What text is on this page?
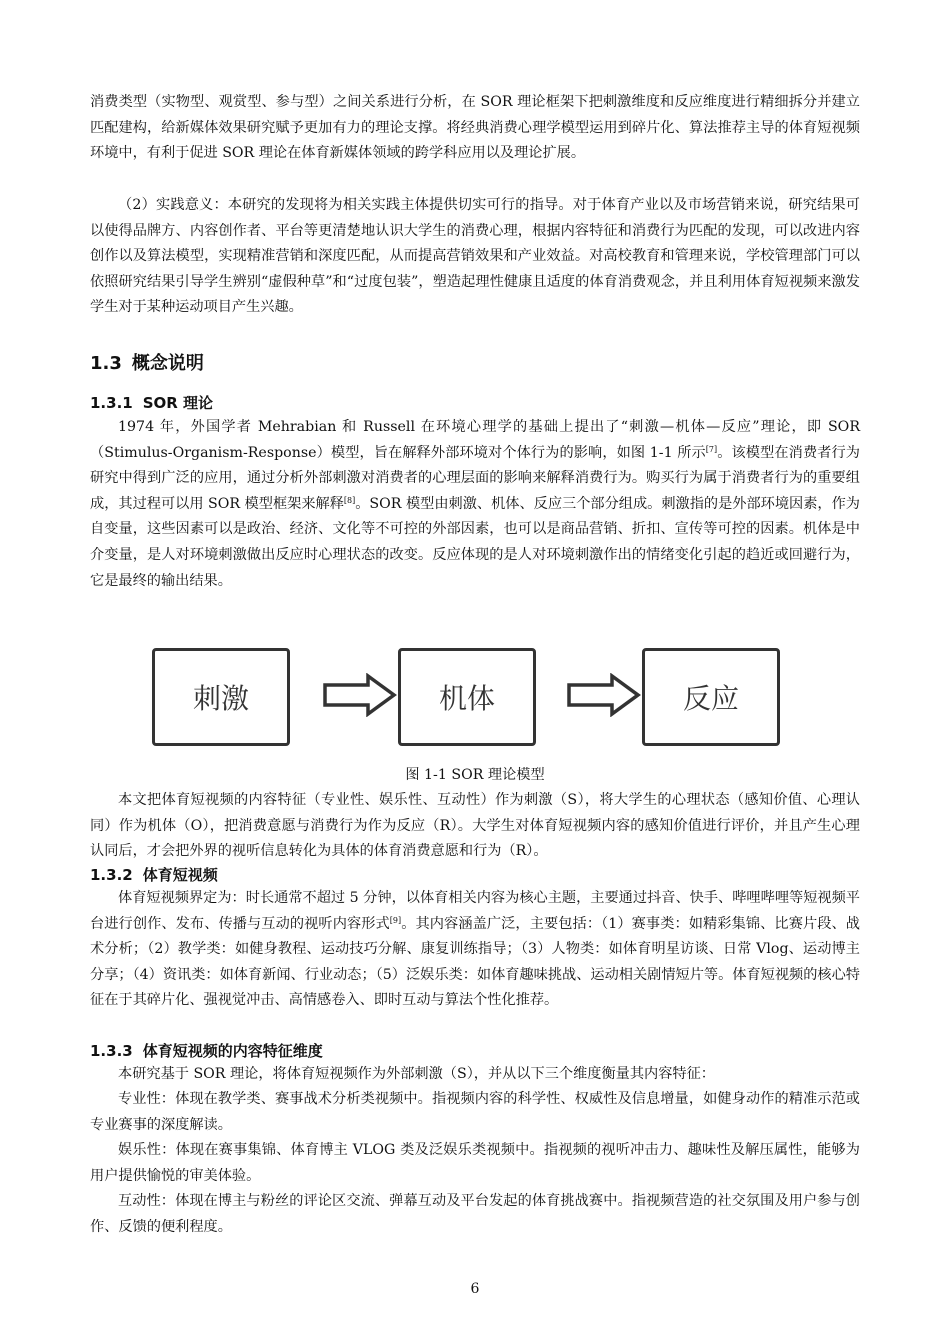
消费类型（实物型、观赏型、参与型）之间关系进行分析，在 SOR 理论框架下把刺激维度和反应维度进行精细拆分并建立匹配建构，给新媒体效果研究赋予更加有力的理论支撑。将经典消费心理学模型运用到碎片化、算法推荐主导的体育短视频环境中，有利于促进 SOR 理论在体育新媒体领域的跨学科应用以及理论扩展。

（2）实践意义：本研究的发现将为相关实践主体提供切实可行的指导。对于体育产业以及市场营销来说，研究结果可以使得品牌方、内容创作者、平台等更清楚地认识大学生的消费心理，根据内容特征和消费行为匹配的发现，可以改进内容创作以及算法模型，实现精准营销和深度匹配，从而提高营销效果和产业效益。对高校教育和管理来说，学校管理部门可以依照研究结果引导学生辨别“虚假种草”和“过度包装”，塑造起理性健康且适度的体育消费观念，并且利用体育短视频来激发学生对于某种运动项目产生兴趣。

1.3 概念说明
1.3.1 SOR 理论

1974 年，外国学者 Mehrabian 和 Russell 在环境心理学的基础上提出了“刺激—机体—反应”理论，即 SOR（Stimulus-Organism-Response）模型，旨在解释外部环境对个体行为的影响，如图 1-1 所示[7]。该模型在消费者行为研究中得到广泛的应用，通过分析外部刺激对消费者的心理层面的影响来解释消费行为。购买行为属于消费者行为的重要组成，其过程可以用 SOR 模型框架来解释[8]。SOR 模型由刺激、机体、反应三个部分组成。刺激指的是外部环境因素，作为自变量，这些因素可以是政治、经济、文化等不可控的外部因素，也可以是商品营销、折扣、宣传等可控的因素。机体是中介变量，是人对环境刺激做出反应时心理状态的改变。反应体现的是人对环境刺激作出的情绪变化引起的趋近或回避行为，它是最终的输出结果。

刺激	机体	反应
图 1-1 SOR 理论模型

本文把体育短视频的内容特征（专业性、娱乐性、互动性）作为刺激（S），将大学生的心理状态（感知价值、心理认同）作为机体（O），把消费意愿与消费行为作为反应（R）。大学生对体育短视频内容的感知价值进行评价，并且产生心理认同后，才会把外界的视听信息转化为具体的体育消费意愿和行为（R）。

1.3.2 体育短视频

体育短视频界定为：时长通常不超过 5 分钟，以体育相关内容为核心主题，主要通过抖音、快手、哔哩哔哩等短视频平台进行创作、发布、传播与互动的视听内容形式[9]。其内容涵盖广泛，主要包括：（1）赛事类：如精彩集锦、比赛片段、战术分析；（2）教学类：如健身教程、运动技巧分解、康复训练指导；（3）人物类：如体育明星访谈、日常 Vlog、运动博主分享；（4）资讯类：如体育新闻、行业动态；（5）泛娱乐类：如体育趣味挑战、运动相关剧情短片等。体育短视频的核心特征在于其碎片化、强视觉冲击、高情感卷入、即时互动与算法个性化推荐。

1.3.3 体育短视频的内容特征维度

本研究基于 SOR 理论，将体育短视频作为外部刺激（S），并从以下三个维度衡量其内容特征：

专业性：体现在教学类、赛事战术分析类视频中。指视频内容的科学性、权威性及信息增量，如健身动作的精准示范或专业赛事的深度解读。

娱乐性：体现在赛事集锦、体育博主 VLOG 类及泛娱乐类视频中。指视频的视听冲击力、趣味性及解压属性，能够为用户提供愉悦的审美体验。

互动性：体现在博主与粉丝的评论区交流、弹幕互动及平台发起的体育挑战赛中。指视频营造的社交氛围及用户参与创作、反馈的便利程度。

6
